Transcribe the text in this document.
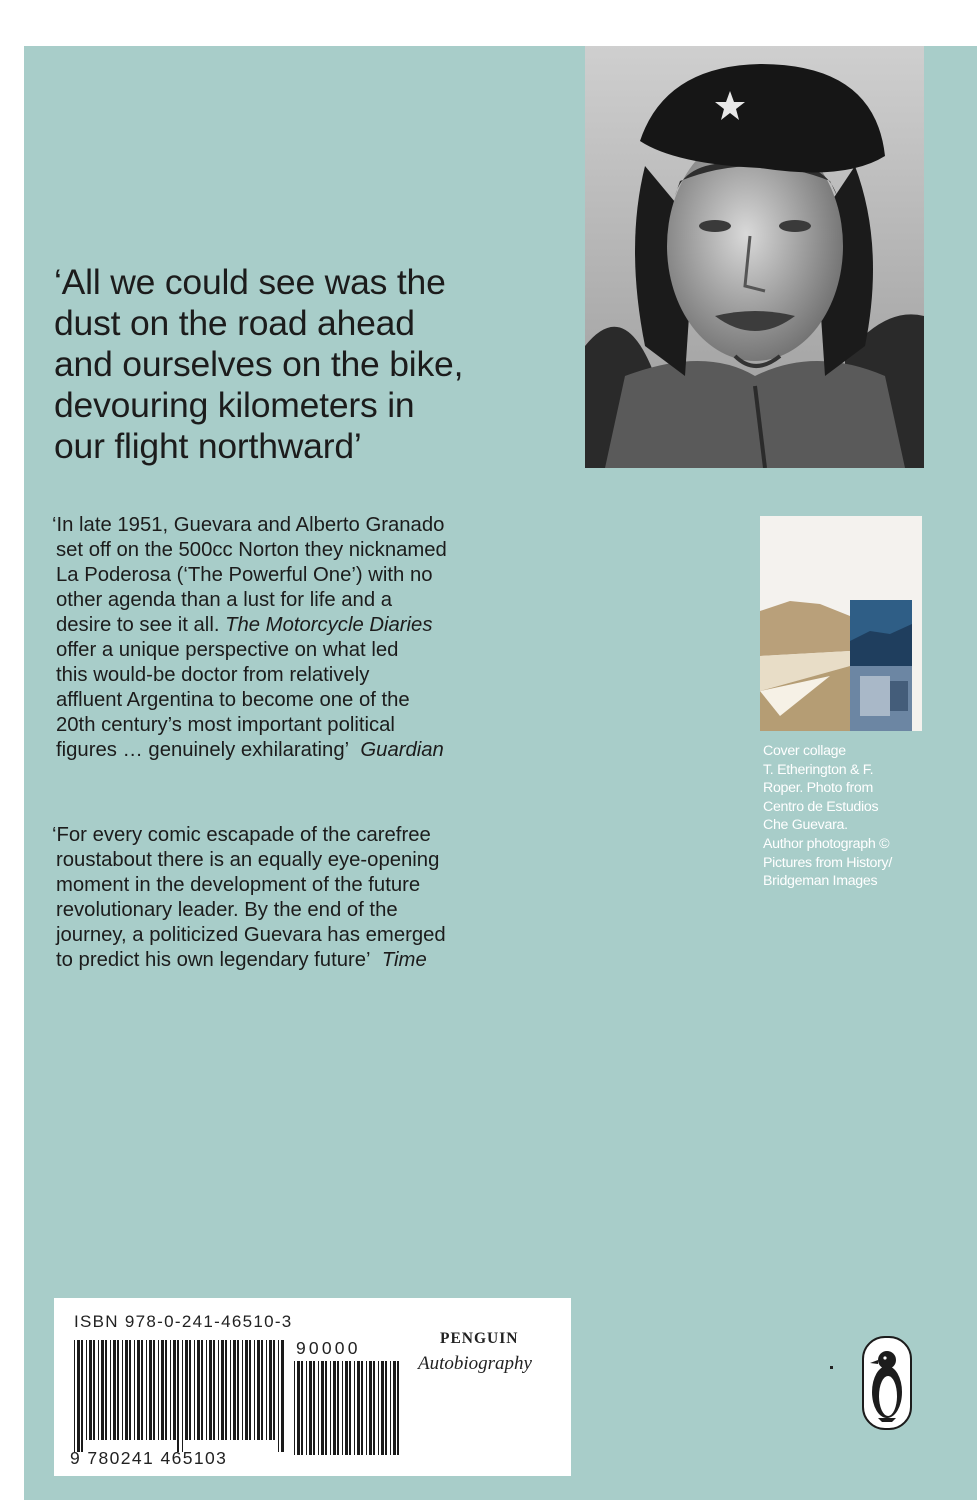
‘All we could see was the
dust on the road ahead
and ourselves on the bike,
devouring kilometers in
our flight northward’
‘In late 1951, Guevara and Alberto Granado
set off on the 500cc Norton they nicknamed
La Poderosa (‘The Powerful One’) with no
other agenda than a lust for life and a
desire to see it all. The Motorcycle Diaries
offer a unique perspective on what led
this would-be doctor from relatively
affluent Argentina to become one of the
20th century’s most important political
figures … genuinely exhilarating’ Guardian
‘For every comic escapade of the carefree
roustabout there is an equally eye-opening
moment in the development of the future
revolutionary leader. By the end of the
journey, a politicized Guevara has emerged
to predict his own legendary future’ Time
Cover collage
T. Etherington & F.
Roper. Photo from
Centro de Estudios
Che Guevara.
Author photograph ©
Pictures from History/
Bridgeman Images
ISBN 978-0-241-46510-3
9 780241 465103
90000	PENGUIN
Autobiography
